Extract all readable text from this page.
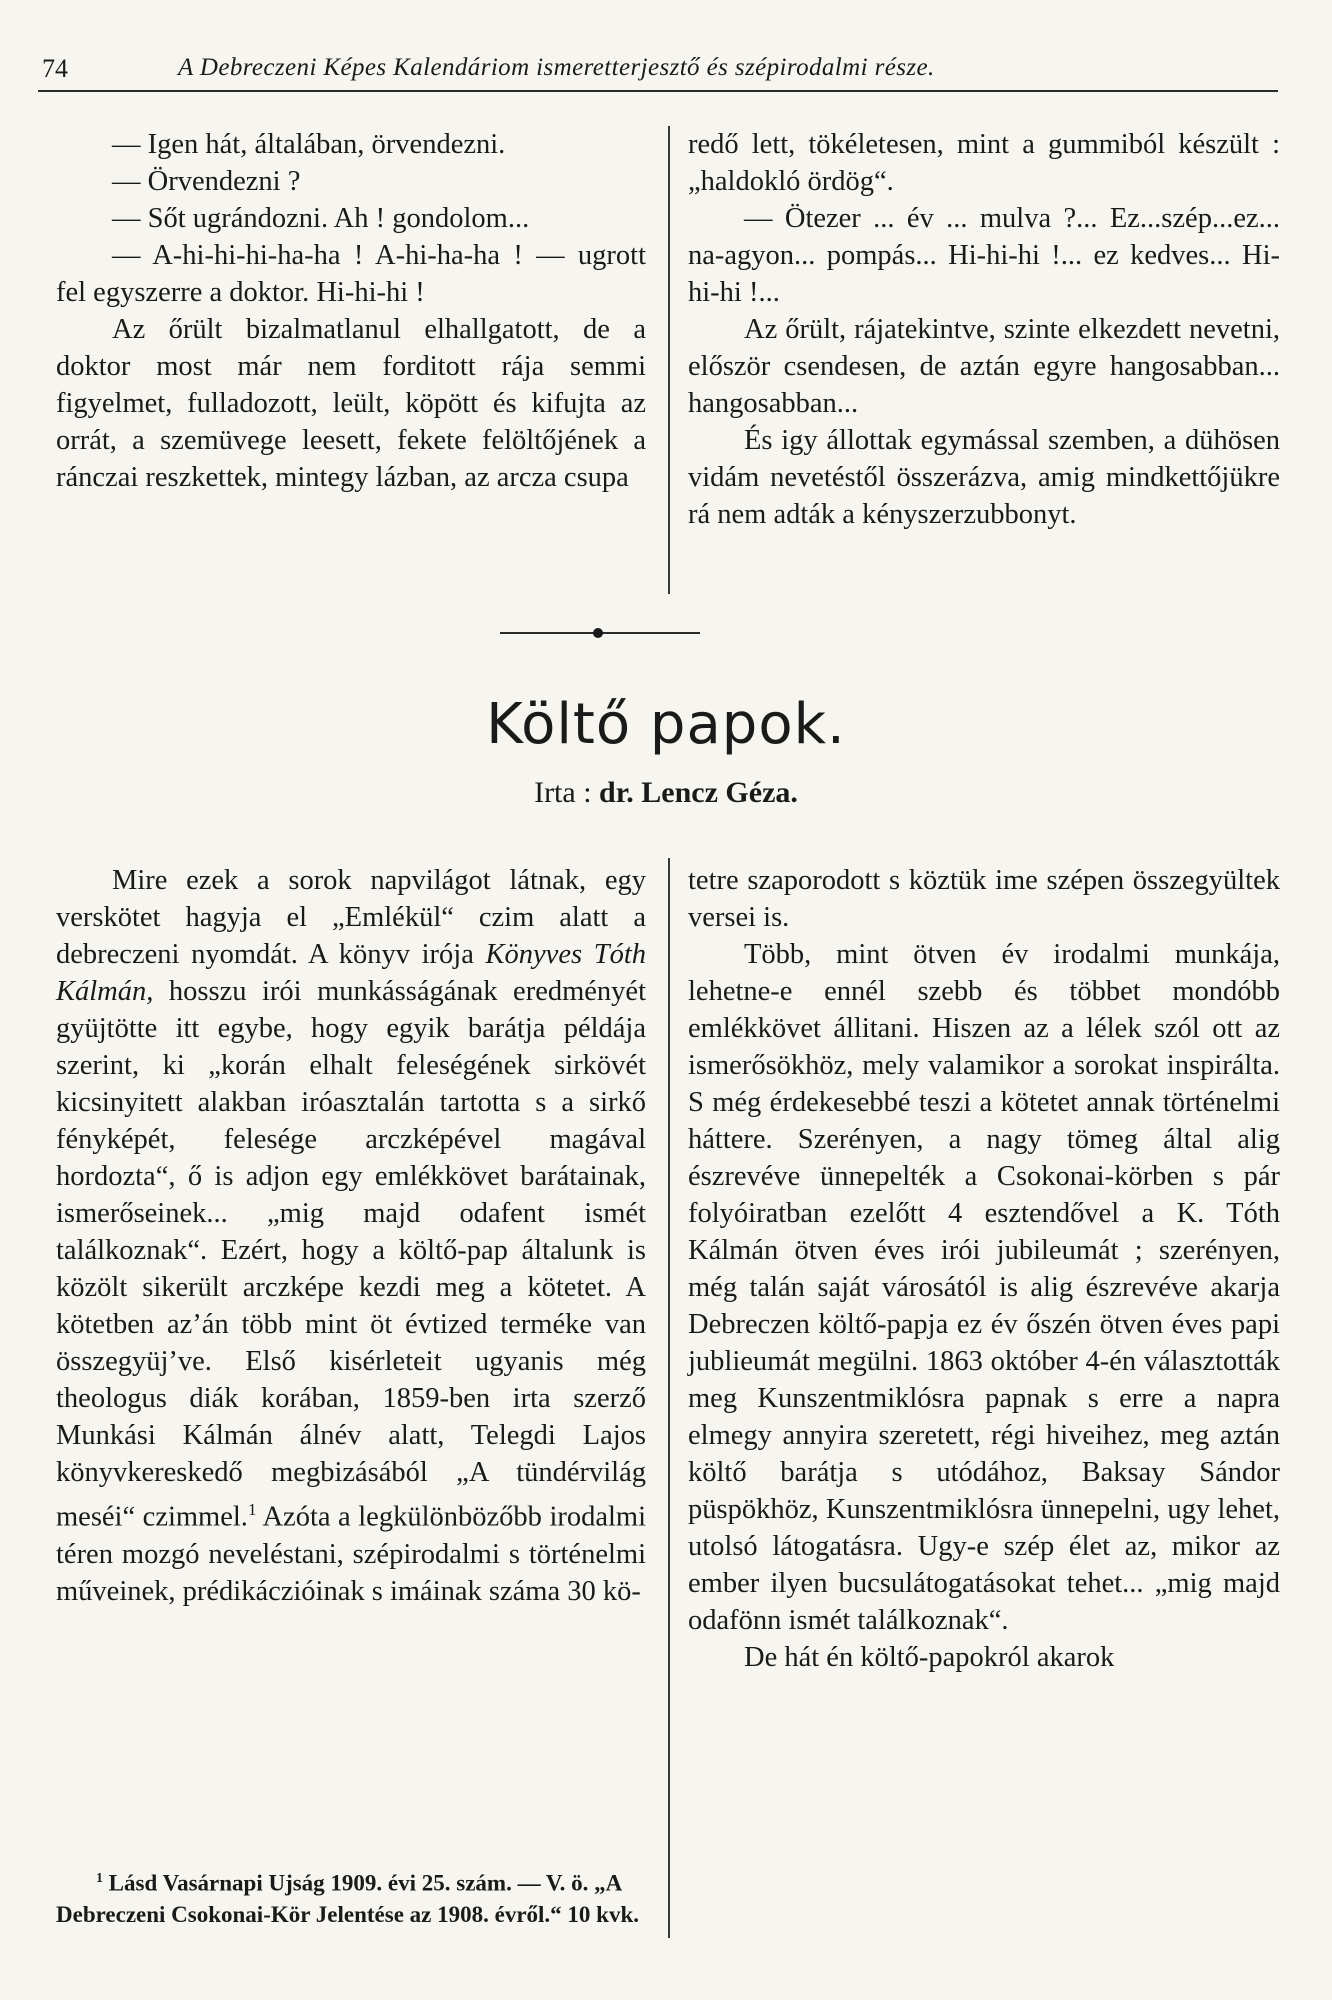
74	A Debreczeni Képes Kalendáriom ismeretterjesztő és szépirodalmi része.

— Igen hát, általában, örvendezni.

— Örvendezni ?

— Sőt ugrándozni. Ah ! gondolom...

— A-hi-hi-hi-ha-ha ! A-hi-ha-ha ! — ugrott fel egyszerre a doktor. Hi-hi-hi !

Az őrült bizalmatlanul elhallgatott, de a doktor most már nem forditott rája semmi figyelmet, fulladozott, leült, köpött és kifujta az orrát, a szemüvege leesett, fekete felöltőjének a ránczai reszkettek, mintegy lázban, az arcza csupa

redő lett, tökéletesen, mint a gummiból készült : „haldokló ördög“.

— Ötezer ... év ... mulva ?... Ez...szép...ez... na-agyon... pompás... Hi-hi-hi !... ez kedves... Hi-hi-hi !...

Az őrült, rájatekintve, szinte elkezdett nevetni, először csendesen, de aztán egyre hangosabban... hangosabban...

És igy állottak egymással szemben, a dühösen vidám nevetéstől összerázva, amig mindkettőjükre rá nem adták a kényszerzubbonyt.

Költő papok.
Irta : dr. Lencz Géza.

Mire ezek a sorok napvilágot látnak, egy verskötet hagyja el „Emlékül“ czim alatt a debreczeni nyomdát. A könyv irója Könyves Tóth Kálmán, hosszu irói munkásságának eredményét gyüjtötte itt egybe, hogy egyik barátja példája szerint, ki „korán elhalt feleségének sirkövét kicsinyitett alakban iróasztalán tartotta s a sirkő fényképét, felesége arczképével magával hordozta“, ő is adjon egy emlékkövet barátainak, ismerőseinek... „mig majd odafent ismét találkoznak“. Ezért, hogy a költő-pap általunk is közölt sikerült arczképe kezdi meg a kötetet. A kötetben az’án több mint öt évtized terméke van összegyüj’ve. Első kisérleteit ugyanis még theologus diák korában, 1859-ben irta szerző Munkási Kálmán álnév alatt, Telegdi Lajos könyvkereskedő megbizásából „A tündérvilág meséi“ czimmel.$^1$ Azóta a legkülönbözőbb irodalmi téren mozgó neveléstani, szépirodalmi s történelmi műveinek, prédikáczióinak s imáinak száma 30 kö-

$^1$ Lásd Vasárnapi Ujság 1909. évi 25. szám. — V. ö. „A Debreczeni Csokonai-Kör Jelentése az 1908. évről.“ 10 kvk.

tetre szaporodott s köztük ime szépen összegyültek versei is.

Több, mint ötven év irodalmi munkája, lehetne-e ennél szebb és többet mondóbb emlékkövet állitani. Hiszen az a lélek szól ott az ismerősökhöz, mely valamikor a sorokat inspirálta. S még érdekesebbé teszi a kötetet annak történelmi háttere. Szerényen, a nagy tömeg által alig észrevéve ünnepelték a Csokonai-körben s pár folyóiratban ezelőtt 4 esztendővel a K. Tóth Kálmán ötven éves irói jubileumát ; szerényen, még talán saját városától is alig észrevéve akarja Debreczen költő-papja ez év őszén ötven éves papi jublieumát megülni. 1863 október 4-én választották meg Kunszentmiklósra papnak s erre a napra elmegy annyira szeretett, régi hiveihez, meg aztán költő barátja s utódához, Baksay Sándor püspökhöz, Kunszentmiklósra ünnepelni, ugy lehet, utolsó látogatásra. Ugy-e szép élet az, mikor az ember ilyen bucsulátogatásokat tehet... „mig majd odafönn ismét találkoznak“.

De hát én költő-papokról akarok
